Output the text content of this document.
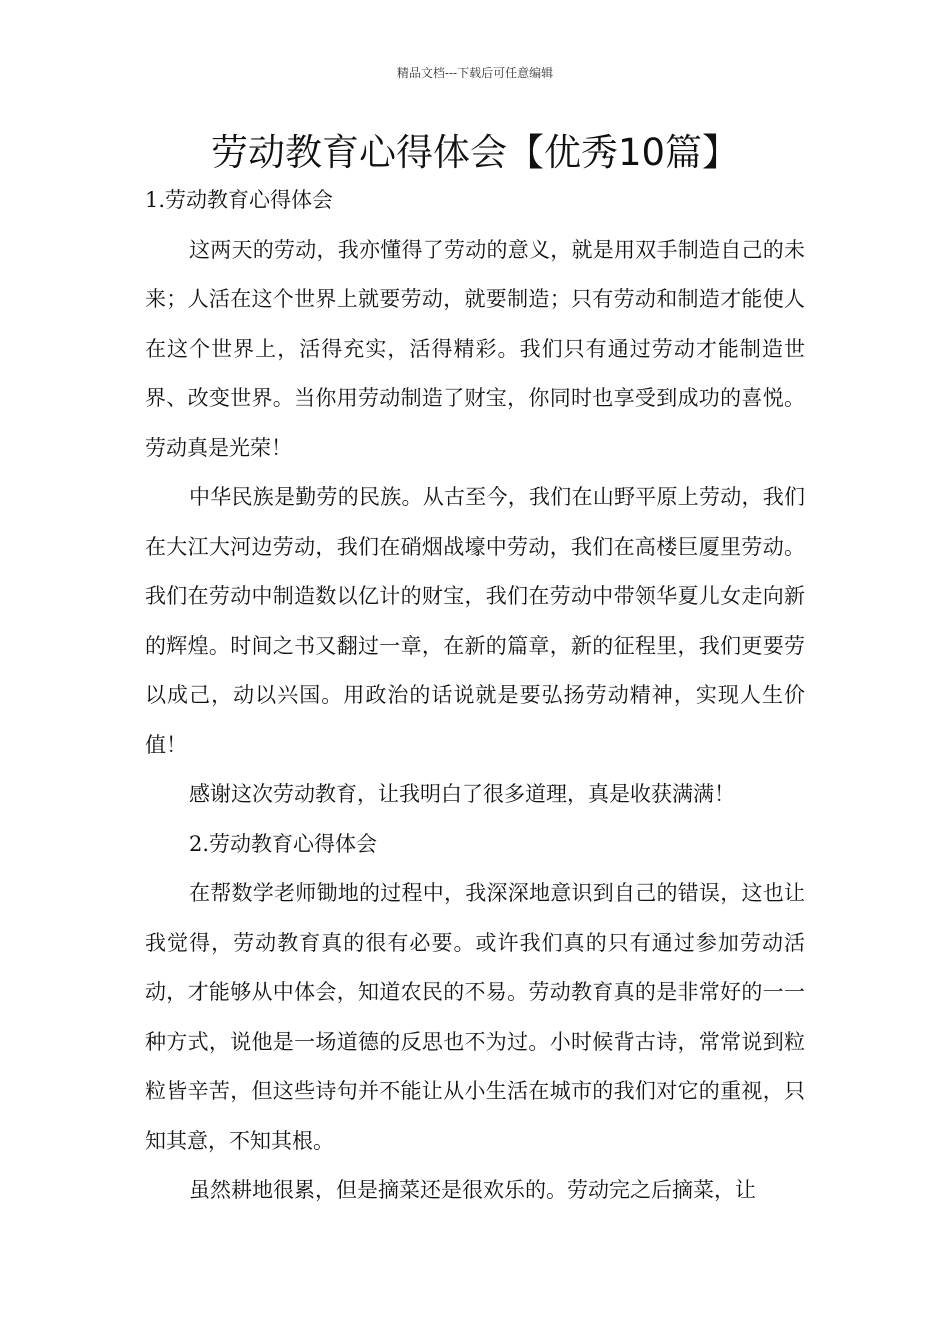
精品文档---下载后可任意编辑
劳动教育心得体会【优秀10篇】
1.劳动教育心得体会

这两天的劳动，我亦懂得了劳动的意义，就是用双手制造自己的未来；人活在这个世界上就要劳动，就要制造；只有劳动和制造才能使人在这个世界上，活得充实，活得精彩。我们只有通过劳动才能制造世界、改变世界。当你用劳动制造了财宝，你同时也享受到成功的喜悦。劳动真是光荣！

中华民族是勤劳的民族。从古至今，我们在山野平原上劳动，我们在大江大河边劳动，我们在硝烟战壕中劳动，我们在高楼巨厦里劳动。我们在劳动中制造数以亿计的财宝，我们在劳动中带领华夏儿女走向新的辉煌。时间之书又翻过一章，在新的篇章，新的征程里，我们更要劳以成己，动以兴国。用政治的话说就是要弘扬劳动精神，实现人生价值！

感谢这次劳动教育，让我明白了很多道理，真是收获满满！

2.劳动教育心得体会

在帮数学老师锄地的过程中，我深深地意识到自己的错误，这也让我觉得，劳动教育真的很有必要。或许我们真的只有通过参加劳动活动，才能够从中体会，知道农民的不易。劳动教育真的是非常好的一一种方式，说他是一场道德的反思也不为过。小时候背古诗，常常说到粒粒皆辛苦，但这些诗句并不能让从小生活在城市的我们对它的重视，只知其意，不知其根。

虽然耕地很累，但是摘菜还是很欢乐的。劳动完之后摘菜，让
